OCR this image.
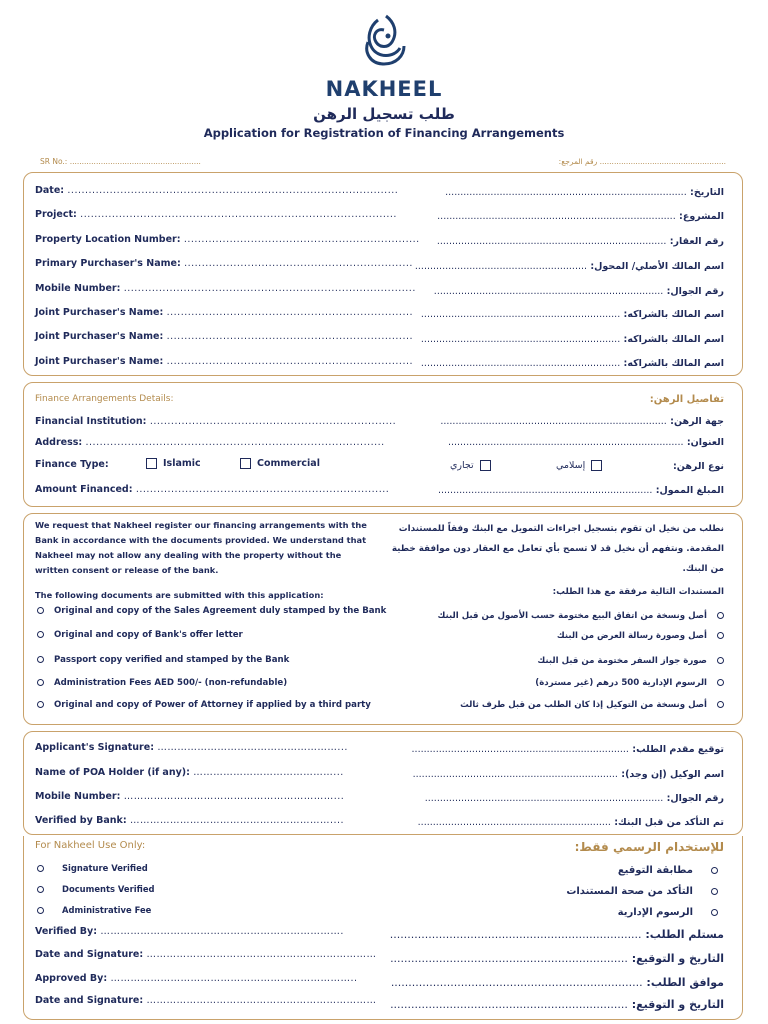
NAKHEEL
طلب تسجيل الرهن
Application for Registration of Financing Arrangements
SR No.: .......................................................	..................................................... رقم المرجع:
Date: ..............................................................................................
Project: ..........................................................................................
Property Location Number: ...................................................................
Primary Purchaser's Name: .................................................................
Mobile Number: ...................................................................................
Joint Purchaser's Name: ......................................................................
Joint Purchaser's Name: ......................................................................
Joint Purchaser's Name: ......................................................................
التاريخ: ................................................................................
المشروع: ...............................................................................
رقم العقار: ............................................................................
اسم المالك الأصلي/ المحول: .........................................................
رقم الجوال: ............................................................................
اسم المالك بالشراكه: ..................................................................
اسم المالك بالشراكه: ..................................................................
اسم المالك بالشراكه: ..................................................................
Finance Arrangements Details:	تفاصيل الرهن:
Financial Institution: ......................................................................	جهة الرهن: ...........................................................................
Address: .....................................................................................	العنوان: ..............................................................................
Finance Type:	Islamic	Commercial	نوع الرهن:
إسلامي
تجاري
Amount Financed: ........................................................................	المبلغ الممول: .......................................................................
We request that Nakheel register our financing arrangements with the Bank in accordance with the documents provided. We understand that Nakheel may not allow any dealing with the property without the written consent or release of the bank.
نطلب من نخيل ان تقوم بتسجيل اجراءات التمويل مع البنك وفقاً للمستندات المقدمة. ونتفهم أن نخيل قد لا تسمح بأي تعامل مع العقار دون موافقة خطية من البنك.
The following documents are submitted with this application:	المستندات التالية مرفقة مع هذا الطلب:
Original and copy of the Sales Agreement duly stamped by the Bank
Original and copy of Bank's offer letter
Passport copy verified and stamped by the Bank
Administration Fees AED 500/- (non-refundable)
Original and copy of Power of Attorney if applied by a third party
أصل ونسخة من اتفاق البيع مختومة حسب الأصول من قبل البنك
أصل وصورة رسالة العرض من البنك
صورة جواز السفر مختومة من قبل البنك
الرسوم الإدارية 500 درهم (غير مستردة)
أصل ونسخة من التوكيل إذا كان الطلب من قبل طرف ثالث
Applicant's Signature: ………………………………………………...
Name of POA Holder (if any): ……………………………………...
Mobile Number: ………………………………………………………...
Verified by Bank: ……………………………………………………....
توقيع مقدم الطلب: ........................................................................
اسم الوكيل (إن وجد): ....................................................................
رقم الجوال: ...............................................................................
تم التأكد من قبل البنك: ................................................................
For Nakheel Use Only:	للإستخدام الرسمي فقط:
Signature Verified
Documents Verified
Administrative Fee
مطابقة التوقيع
التأكد من صحة المستندات
الرسوم الإدارية
Verified By: ……………………………………………………………….
Date and Signature: ……………………………………………………………
Approved By: ………………………………………………………………..
Date and Signature: ……………………………………………………………
مستلم الطلب: ........................................................................
التاريخ و التوقيع: ....................................................................
موافق الطلب: ........................................................................
التاريخ و التوقيع: ....................................................................
